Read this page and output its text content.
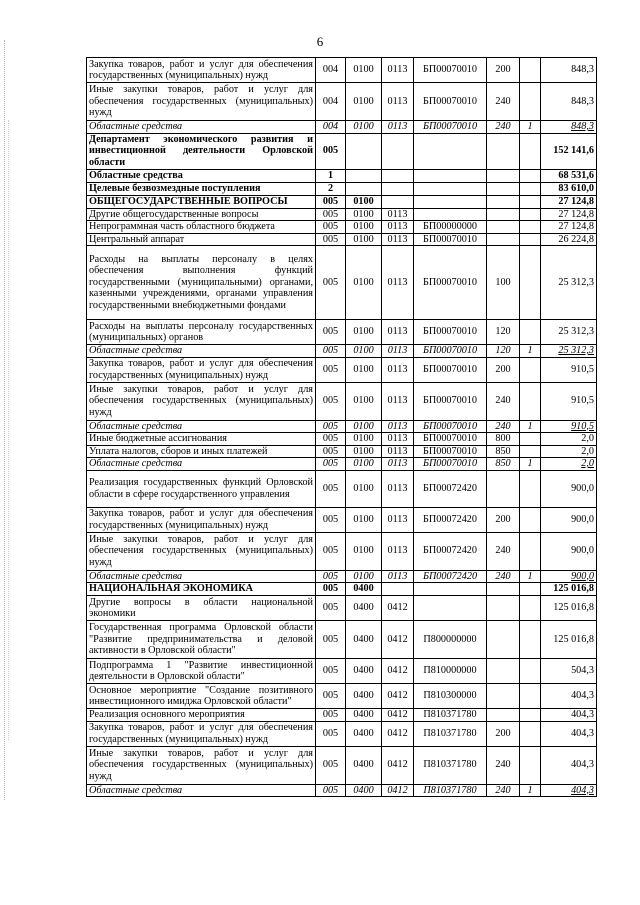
6
Закупка товаров, работ и услуг для обеспечения государственных (муниципальных) нужд	004	0100	0113	БП00070010	200		848,3
Иные закупки товаров, работ и услуг для обеспечения государственных (муниципальных) нужд	004	0100	0113	БП00070010	240		848,3
Областные средства	004	0100	0113	БП00070010	240	1	848,3
Департамент экономического развития и инвестиционной деятельности Орловской области	005						152 141,6
Областные средства	1						68 531,6
Целевые безвозмездные поступления	2						83 610,0
ОБЩЕГОСУДАРСТВЕННЫЕ ВОПРОСЫ	005	0100					27 124,8
Другие общегосударственные вопросы	005	0100	0113				27 124,8
Непрограммная часть областного бюджета	005	0100	0113	БП00000000			27 124,8
Центральный аппарат	005	0100	0113	БП00070010			26 224,8
Расходы на выплаты персоналу в целях обеспечения выполнения функций государственными (муниципальными) органами, казенными учреждениями, органами управления государственными внебюджетными фондами	005	0100	0113	БП00070010	100		25 312,3
Расходы на выплаты персоналу государственных (муниципальных) органов	005	0100	0113	БП00070010	120		25 312,3
Областные средства	005	0100	0113	БП00070010	120	1	25 312,3
Закупка товаров, работ и услуг для обеспечения государственных (муниципальных) нужд	005	0100	0113	БП00070010	200		910,5
Иные закупки товаров, работ и услуг для обеспечения государственных (муниципальных) нужд	005	0100	0113	БП00070010	240		910,5
Областные средства	005	0100	0113	БП00070010	240	1	910,5
Иные бюджетные ассигнования	005	0100	0113	БП00070010	800		2,0
Уплата налогов, сборов и иных платежей	005	0100	0113	БП00070010	850		2,0
Областные средства	005	0100	0113	БП00070010	850	1	2,0
Реализация государственных функций Орловской области в сфере государственного управления	005	0100	0113	БП00072420			900,0
Закупка товаров, работ и услуг для обеспечения государственных (муниципальных) нужд	005	0100	0113	БП00072420	200		900,0
Иные закупки товаров, работ и услуг для обеспечения государственных (муниципальных) нужд	005	0100	0113	БП00072420	240		900,0
Областные средства	005	0100	0113	БП00072420	240	1	900,0
НАЦИОНАЛЬНАЯ ЭКОНОМИКА	005	0400					125 016,8
Другие вопросы в области национальной экономики	005	0400	0412				125 016,8
Государственная программа Орловской области "Развитие предпринимательства и деловой активности в Орловской области"	005	0400	0412	П800000000			125 016,8
Подпрограмма 1 "Развитие инвестиционной деятельности в Орловской области"	005	0400	0412	П810000000			504,3
Основное мероприятие "Создание позитивного инвестиционного имиджа Орловской области"	005	0400	0412	П810300000			404,3
Реализация основного мероприятия	005	0400	0412	П810371780			404,3
Закупка товаров, работ и услуг для обеспечения государственных (муниципальных) нужд	005	0400	0412	П810371780	200		404,3
Иные закупки товаров, работ и услуг для обеспечения государственных (муниципальных) нужд	005	0400	0412	П810371780	240		404,3
Областные средства	005	0400	0412	П810371780	240	1	404,3
